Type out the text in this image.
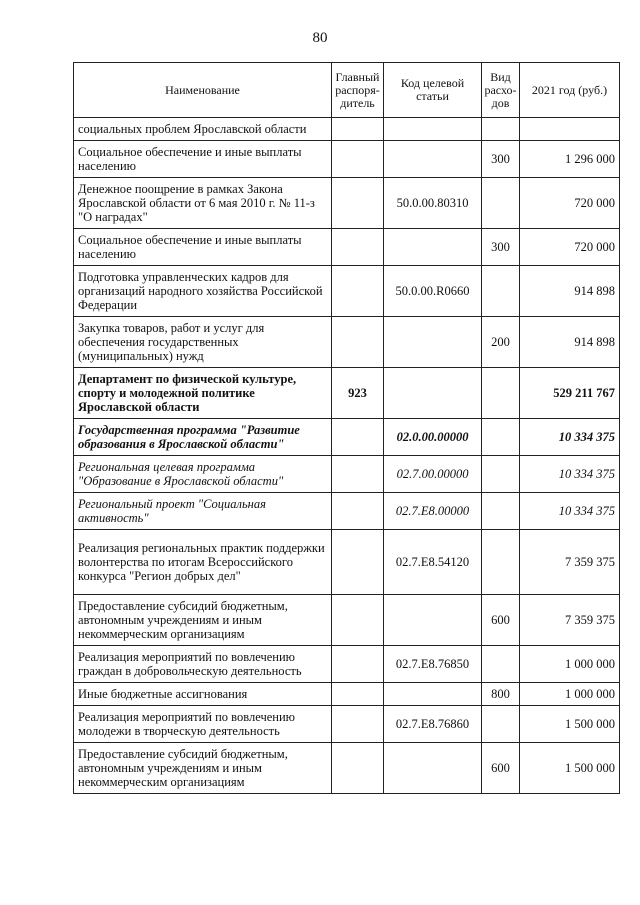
80
Наименование	Главный распоря-дитель	Код целевой статьи	Вид расхо-дов	2021 год (руб.)
социальных проблем Ярославской области				
Социальное обеспечение и иные выплаты населению			300	1 296 000
Денежное поощрение в рамках Закона Ярославской области от 6 мая 2010 г. № 11-з "О наградах"		50.0.00.80310		720 000
Социальное обеспечение и иные выплаты населению			300	720 000
Подготовка управленческих кадров для организаций народного хозяйства Российской Федерации		50.0.00.R0660		914 898
Закупка товаров, работ и услуг для обеспечения государственных (муниципальных) нужд			200	914 898
Департамент по физической культуре, спорту и молодежной политике Ярославской области	923			529 211 767
Государственная программа "Развитие образования в Ярославской области"		02.0.00.00000		10 334 375
Региональная целевая программа "Образование в Ярославской области"		02.7.00.00000		10 334 375
Региональный проект "Социальная активность"		02.7.Е8.00000		10 334 375
Реализация региональных практик поддержки волонтерства по итогам Всероссийского конкурса "Регион добрых дел"		02.7.Е8.54120		7 359 375
Предоставление субсидий бюджетным, автономным учреждениям и иным некоммерческим организациям			600	7 359 375
Реализация мероприятий по вовлечению граждан в добровольческую деятельность		02.7.Е8.76850		1 000 000
Иные бюджетные ассигнования			800	1 000 000
Реализация мероприятий по вовлечению молодежи в творческую деятельность		02.7.Е8.76860		1 500 000
Предоставление субсидий бюджетным, автономным учреждениям и иным некоммерческим организациям			600	1 500 000
